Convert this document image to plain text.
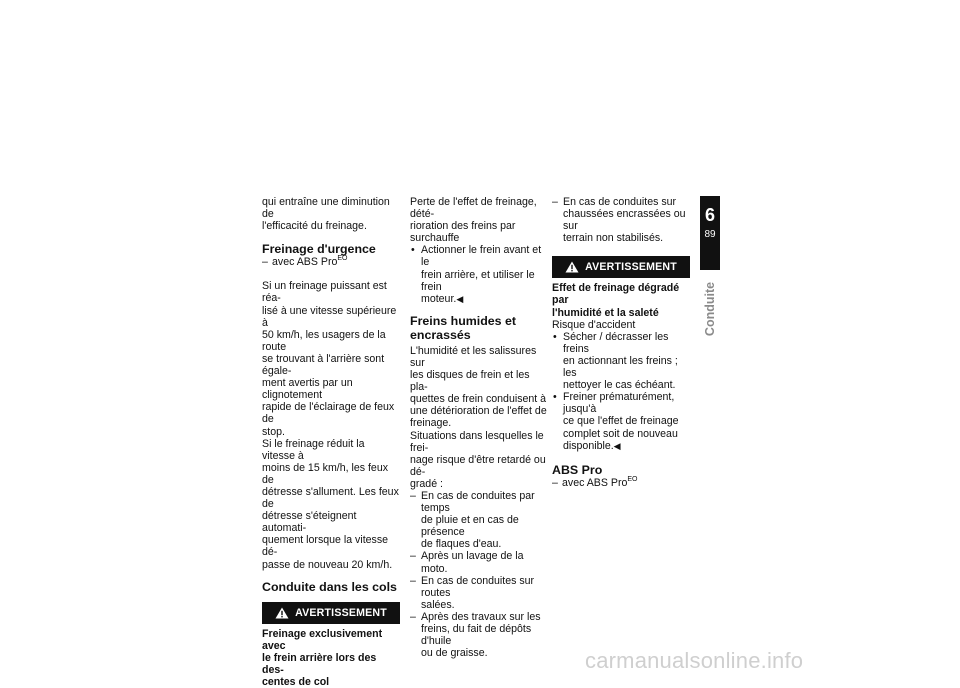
qui entraîne une diminution de
l'efficacité du freinage.

Freinage d'urgence
– avec ABS Pro$^{EO}$

Si un freinage puissant est réa-
lisé à une vitesse supérieure à
50 km/h, les usagers de la route
se trouvant à l'arrière sont égale-
ment avertis par un clignotement
rapide de l'éclairage de feux de
stop.

Si le freinage réduit la vitesse à
moins de 15 km/h, les feux de
détresse s'allument. Les feux de
détresse s'éteignent automati-
quement lorsque la vitesse dé-
passe de nouveau 20 km/h.

Conduite dans les cols
AVERTISSEMENT

Freinage exclusivement avec
le frein arrière lors des des-
centes de col

Perte de l'effet de freinage, dété-
rioration des freins par surchauffe

• Actionner le frein avant et le
frein arrière, et utiliser le frein
moteur.◀

Freins humides et
encrassés

L'humidité et les salissures sur
les disques de frein et les pla-
quettes de frein conduisent à
une détérioration de l'effet de
freinage.

Situations dans lesquelles le frei-
nage risque d'être retardé ou dé-
gradé :

– En cas de conduites par temps
de pluie et en cas de présence
de flaques d'eau.

– Après un lavage de la moto.

– En cas de conduites sur routes
salées.

– Après des travaux sur les
freins, du fait de dépôts d'huile
ou de graisse.

– En cas de conduites sur
chaussées encrassées ou sur
terrain non stabilisés.

AVERTISSEMENT

Effet de freinage dégradé par
l'humidité et la saleté

Risque d'accident

• Sécher / décrasser les freins
en actionnant les freins ; les
nettoyer le cas échéant.

• Freiner prématurément, jusqu'à
ce que l'effet de freinage
complet soit de nouveau
disponible.◀

ABS Pro
– avec ABS Pro$^{EO}$
6
89
Conduite
carmanualsonline.info
